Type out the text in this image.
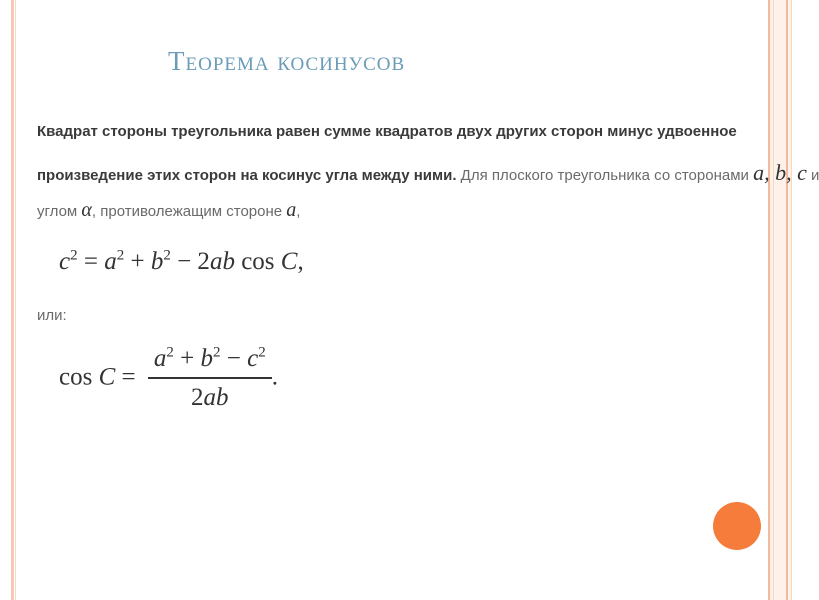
Теорема косинусов
Квадрат стороны треугольника равен сумме квадратов двух других сторон минус удвоенное
произведение этих сторон на косинус угла между ними. Для плоского треугольника со сторонами a, b, c и
углом α, противолежащим стороне a,
$c^2 = a^2 + b^2 - 2ab$ cos C,
или:
$\cos C = \frac{a^2 + b^2 - c^2}{2ab}$ .
